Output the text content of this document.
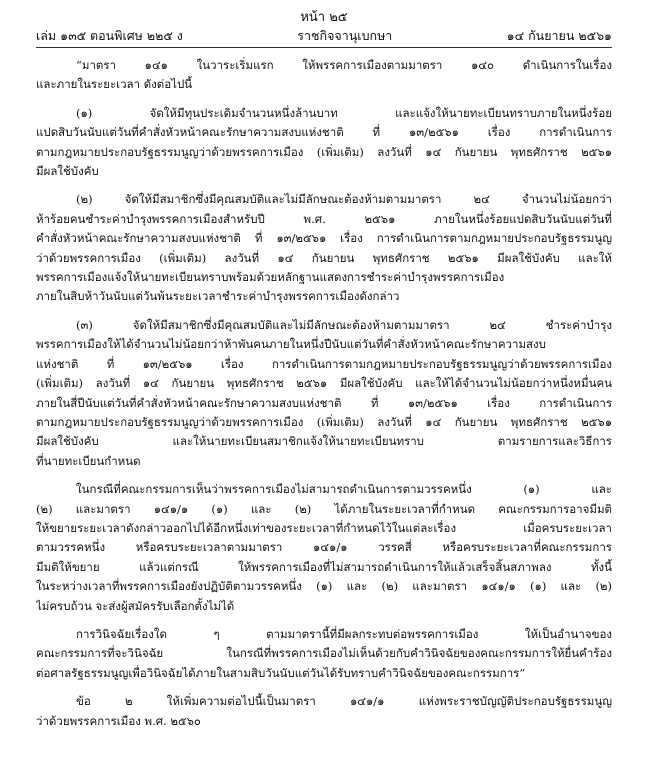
หน้า ๒๕
เล่ม ๑๓๕ ตอนพิเศษ ๒๒๕ ง	ราชกิจจานุเบกษา	๑๔ กันยายน ๒๕๖๑
“มาตรา ๑๔๑ ในวาระเริ่มแรก ให้พรรคการเมืองตามมาตรา ๑๔๐ ดำเนินการในเรื่อง
และภายในระยะเวลา ดังต่อไปนี้
(๑) จัดให้มีทุนประเดิมจำนวนหนึ่งล้านบาท และแจ้งให้นายทะเบียนทราบภายในหนึ่งร้อย
แปดสิบวันนับแต่วันที่คำสั่งหัวหน้าคณะรักษาความสงบแห่งชาติ ที่ ๑๓/๒๕๖๑ เรื่อง การดำเนินการ
ตามกฎหมายประกอบรัฐธรรมนูญว่าด้วยพรรคการเมือง (เพิ่มเติม) ลงวันที่ ๑๔ กันยายน พุทธศักราช ๒๕๖๑
มีผลใช้บังคับ
(๒) จัดให้มีสมาชิกซึ่งมีคุณสมบัติและไม่มีลักษณะต้องห้ามตามมาตรา ๒๔ จำนวนไม่น้อยกว่า
ห้าร้อยคนชำระค่าบำรุงพรรคการเมืองสำหรับปี พ.ศ. ๒๕๖๑ ภายในหนึ่งร้อยแปดสิบวันนับแต่วันที่
คำสั่งหัวหน้าคณะรักษาความสงบแห่งชาติ ที่ ๑๓/๒๕๖๑ เรื่อง การดำเนินการตามกฎหมายประกอบรัฐธรรมนูญ
ว่าด้วยพรรคการเมือง (เพิ่มเติม) ลงวันที่ ๑๔ กันยายน พุทธศักราช ๒๕๖๑ มีผลใช้บังคับ และให้
พรรคการเมืองแจ้งให้นายทะเบียนทราบพร้อมด้วยหลักฐานแสดงการชำระค่าบำรุงพรรคการเมือง
ภายในสิบห้าวันนับแต่วันพ้นระยะเวลาชำระค่าบำรุงพรรคการเมืองดังกล่าว
(๓) จัดให้มีสมาชิกซึ่งมีคุณสมบัติและไม่มีลักษณะต้องห้ามตามมาตรา ๒๔ ชำระค่าบำรุง
พรรคการเมืองให้ได้จำนวนไม่น้อยกว่าห้าพันคนภายในหนึ่งปีนับแต่วันที่คำสั่งหัวหน้าคณะรักษาความสงบ
แห่งชาติ ที่ ๑๓/๒๕๖๑ เรื่อง การดำเนินการตามกฎหมายประกอบรัฐธรรมนูญว่าด้วยพรรคการเมือง
(เพิ่มเติม) ลงวันที่ ๑๔ กันยายน พุทธศักราช ๒๕๖๑ มีผลใช้บังคับ และให้ได้จำนวนไม่น้อยกว่าหนึ่งหมื่นคน
ภายในสี่ปีนับแต่วันที่คำสั่งหัวหน้าคณะรักษาความสงบแห่งชาติ ที่ ๑๓/๒๕๖๑ เรื่อง การดำเนินการ
ตามกฎหมายประกอบรัฐธรรมนูญว่าด้วยพรรคการเมือง (เพิ่มเติม) ลงวันที่ ๑๔ กันยายน พุทธศักราช ๒๕๖๑
มีผลใช้บังคับ และให้นายทะเบียนสมาชิกแจ้งให้นายทะเบียนทราบ ตามรายการและวิธีการ
ที่นายทะเบียนกำหนด
ในกรณีที่คณะกรรมการเห็นว่าพรรคการเมืองไม่สามารถดำเนินการตามวรรคหนึ่ง (๑) และ
(๒) และมาตรา ๑๔๑/๑ (๑) และ (๒) ได้ภายในระยะเวลาที่กำหนด คณะกรรมการอาจมีมติ
ให้ขยายระยะเวลาดังกล่าวออกไปได้อีกหนึ่งเท่าของระยะเวลาที่กำหนดไว้ในแต่ละเรื่อง เมื่อครบระยะเวลา
ตามวรรคหนึ่ง หรือครบระยะเวลาตามมาตรา ๑๔๑/๑ วรรคสี่ หรือครบระยะเวลาที่คณะกรรมการ
มีมติให้ขยาย แล้วแต่กรณี ให้พรรคการเมืองที่ไม่สามารถดำเนินการให้แล้วเสร็จสิ้นสภาพลง ทั้งนี้
ในระหว่างเวลาที่พรรคการเมืองยังปฏิบัติตามวรรคหนึ่ง (๑) และ (๒) และมาตรา ๑๔๑/๑ (๑) และ (๒)
ไม่ครบถ้วน จะส่งผู้สมัครรับเลือกตั้งไม่ได้
การวินิจฉัยเรื่องใด ๆ ตามมาตรานี้ที่มีผลกระทบต่อพรรคการเมือง ให้เป็นอำนาจของ
คณะกรรมการที่จะวินิจฉัย ในกรณีที่พรรคการเมืองไม่เห็นด้วยกับคำวินิจฉัยของคณะกรรมการให้ยื่นคำร้อง
ต่อศาลรัฐธรรมนูญเพื่อวินิจฉัยได้ภายในสามสิบวันนับแต่วันได้รับทราบคำวินิจฉัยของคณะกรรมการ”
ข้อ ๒ ให้เพิ่มความต่อไปนี้เป็นมาตรา ๑๔๑/๑ แห่งพระราชบัญญัติประกอบรัฐธรรมนูญ
ว่าด้วยพรรคการเมือง พ.ศ. ๒๕๖๐
